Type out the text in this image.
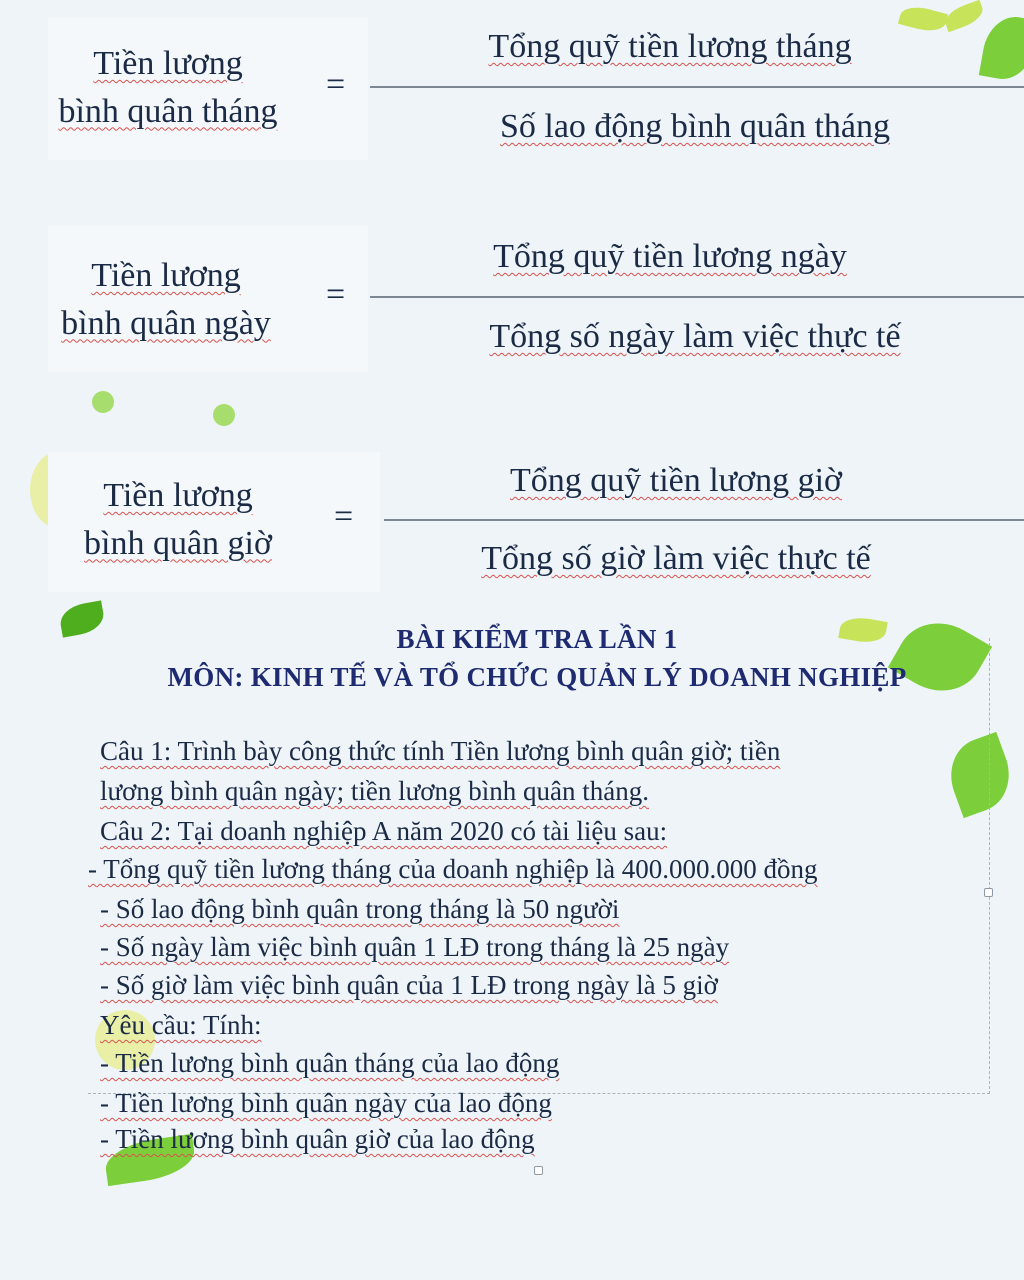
Tiền lương
bình quân tháng
=
Tổng quỹ tiền lương tháng
Số lao động bình quân tháng
Tiền lương
bình quân ngày
=
Tổng quỹ tiền lương ngày
Tổng số ngày làm việc thực tế
Tiền lương
bình quân giờ
=
Tổng quỹ tiền lương giờ
Tổng số giờ làm việc thực tế
BÀI KIỂM TRA LẦN 1
MÔN: KINH TẾ VÀ TỔ CHỨC QUẢN LÝ DOANH NGHIỆP
Câu 1: Trình bày công thức tính Tiền lương bình quân giờ; tiền
lương bình quân ngày; tiền lương bình quân tháng.
Câu 2: Tại doanh nghiệp A năm 2020 có tài liệu sau:
- Tổng quỹ tiền lương tháng của doanh nghiệp là 400.000.000 đồng
- Số lao động bình quân trong tháng là 50 người
- Số ngày làm việc bình quân 1 LĐ trong tháng là 25 ngày
- Số giờ làm việc bình quân của 1 LĐ trong ngày là 5 giờ
Yêu cầu: Tính:
- Tiền lương bình quân tháng của lao động
- Tiền lương bình quân ngày của lao động
- Tiền lương bình quân giờ của lao động
